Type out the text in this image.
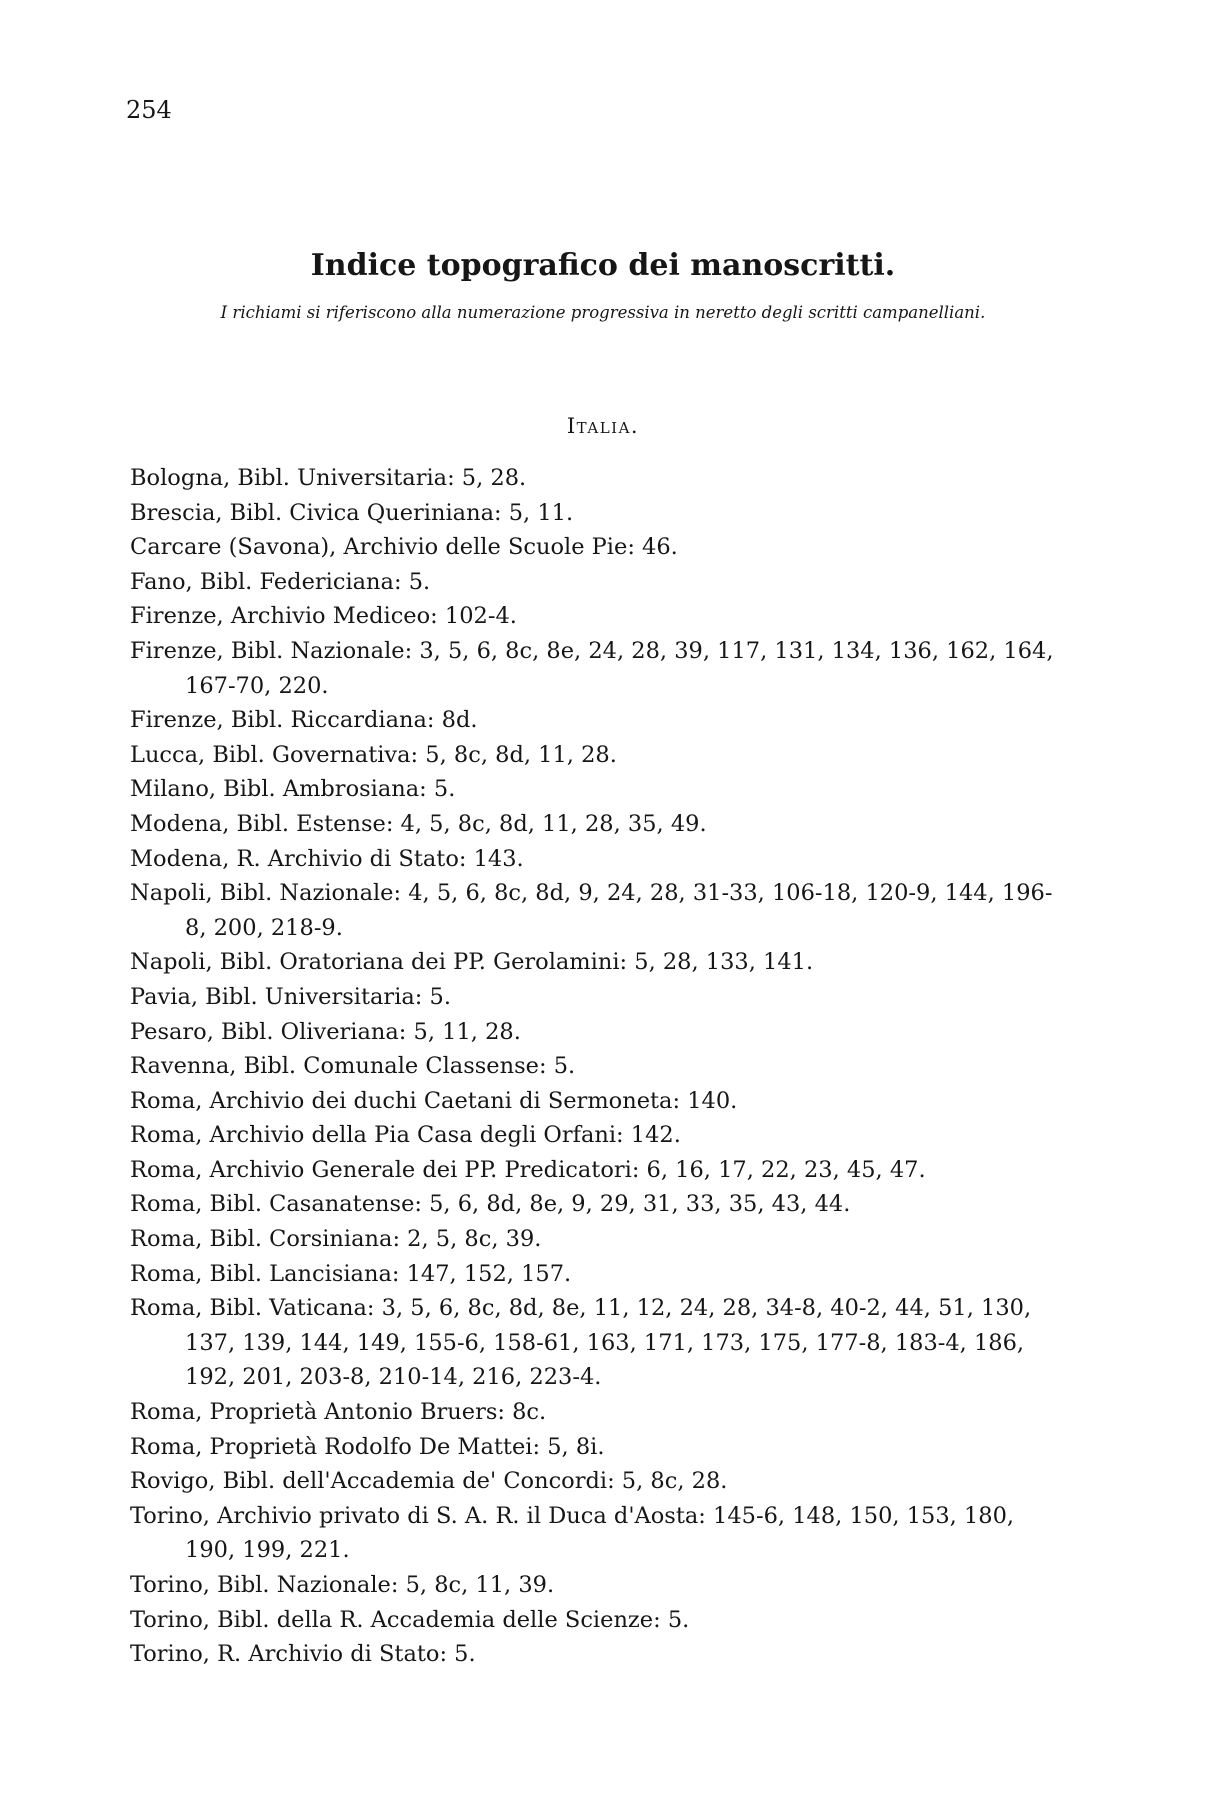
254
Indice topografico dei manoscritti.
I richiami si riferiscono alla numerazione progressiva in neretto degli scritti campanelliani.
Italia.
Bologna, Bibl. Universitaria: 5, 28.
Brescia, Bibl. Civica Queriniana: 5, 11.
Carcare (Savona), Archivio delle Scuole Pie: 46.
Fano, Bibl. Federiciana: 5.
Firenze, Archivio Mediceo: 102-4.
Firenze, Bibl. Nazionale: 3, 5, 6, 8c, 8e, 24, 28, 39, 117, 131, 134, 136, 162, 164, 167-70, 220.
Firenze, Bibl. Riccardiana: 8d.
Lucca, Bibl. Governativa: 5, 8c, 8d, 11, 28.
Milano, Bibl. Ambrosiana: 5.
Modena, Bibl. Estense: 4, 5, 8c, 8d, 11, 28, 35, 49.
Modena, R. Archivio di Stato: 143.
Napoli, Bibl. Nazionale: 4, 5, 6, 8c, 8d, 9, 24, 28, 31-33, 106-18, 120-9, 144, 196-8, 200, 218-9.
Napoli, Bibl. Oratoriana dei PP. Gerolamini: 5, 28, 133, 141.
Pavia, Bibl. Universitaria: 5.
Pesaro, Bibl. Oliveriana: 5, 11, 28.
Ravenna, Bibl. Comunale Classense: 5.
Roma, Archivio dei duchi Caetani di Sermoneta: 140.
Roma, Archivio della Pia Casa degli Orfani: 142.
Roma, Archivio Generale dei PP. Predicatori: 6, 16, 17, 22, 23, 45, 47.
Roma, Bibl. Casanatense: 5, 6, 8d, 8e, 9, 29, 31, 33, 35, 43, 44.
Roma, Bibl. Corsiniana: 2, 5, 8c, 39.
Roma, Bibl. Lancisiana: 147, 152, 157.
Roma, Bibl. Vaticana: 3, 5, 6, 8c, 8d, 8e, 11, 12, 24, 28, 34-8, 40-2, 44, 51, 130, 137, 139, 144, 149, 155-6, 158-61, 163, 171, 173, 175, 177-8, 183-4, 186, 192, 201, 203-8, 210-14, 216, 223-4.
Roma, Proprietà Antonio Bruers: 8c.
Roma, Proprietà Rodolfo De Mattei: 5, 8i.
Rovigo, Bibl. dell'Accademia de' Concordi: 5, 8c, 28.
Torino, Archivio privato di S. A. R. il Duca d'Aosta: 145-6, 148, 150, 153, 180, 190, 199, 221.
Torino, Bibl. Nazionale: 5, 8c, 11, 39.
Torino, Bibl. della R. Accademia delle Scienze: 5.
Torino, R. Archivio di Stato: 5.
